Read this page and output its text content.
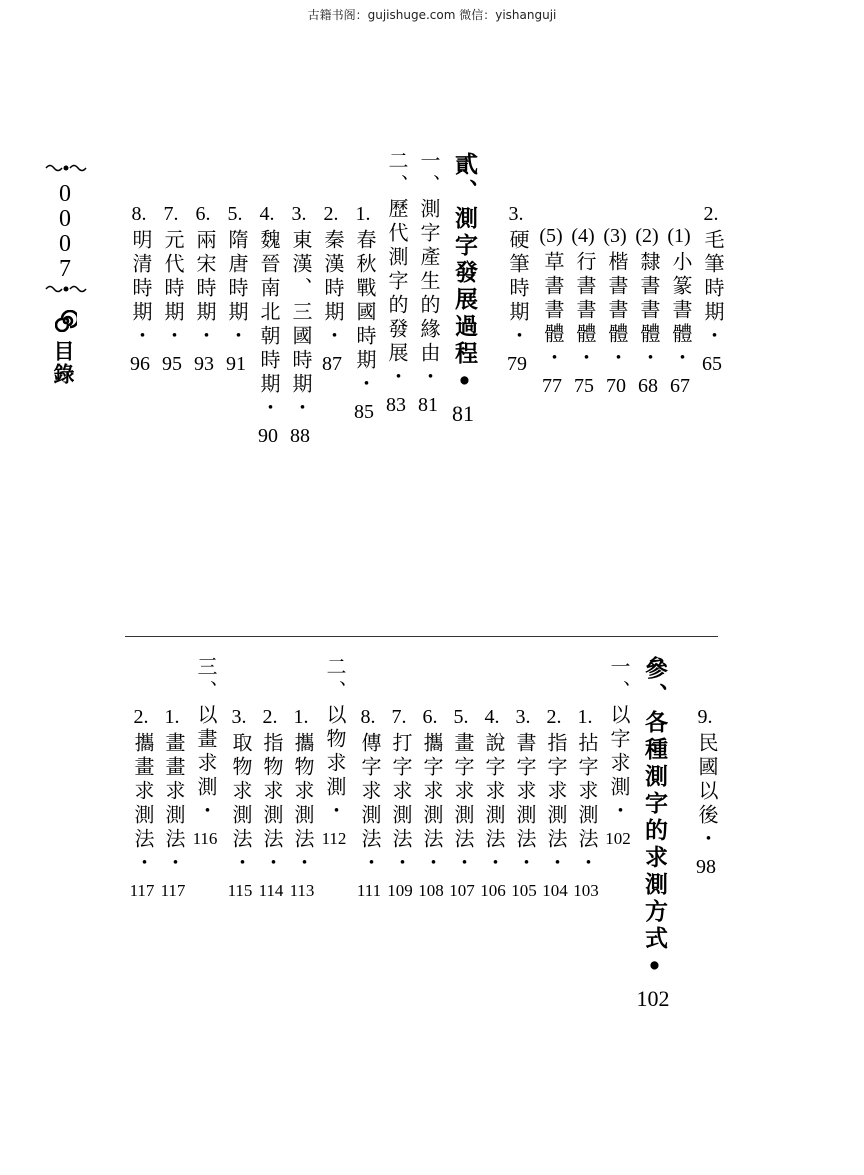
古籍书阁：gujishuge.com 微信：yishanguji
0
0
0
7
目錄
2.
毛筆時期・
65
(1)
小篆書體・
67
(2)
隸書書體・
68
(3)
楷書書體・
70
(4)
行書書體・
75
(5)
草書書體・
77
3.
硬筆時期・
79
貳、測字發展過程•
81
一、測字產生的緣由・
81
二、歷代測字的發展・
83
1.
春秋戰國時期・
85
2.
秦漢時期・
87
3.
東漢、三國時期・
88
4.
魏晉南北朝時期・
90
5.
隋唐時期・
91
6.
兩宋時期・
93
7.
元代時期・
95
8.
明清時期・
96
9.
民國以後・
98
參、各種測字的求測方式•
102
一、以字求測・
102
1.
拈字求測法・
103
2.
指字求測法・
104
3.
書字求測法・
105
4.
說字求測法・
106
5.
畫字求測法・
107
6.
攜字求測法・
108
7.
打字求測法・
109
8.
傳字求測法・
111
二、以物求測・
112
1.
攜物求測法・
113
2.
指物求測法・
114
3.
取物求測法・
115
三、以畫求測・
116
1.
畫畫求測法・
117
2.
攜畫求測法・
117
